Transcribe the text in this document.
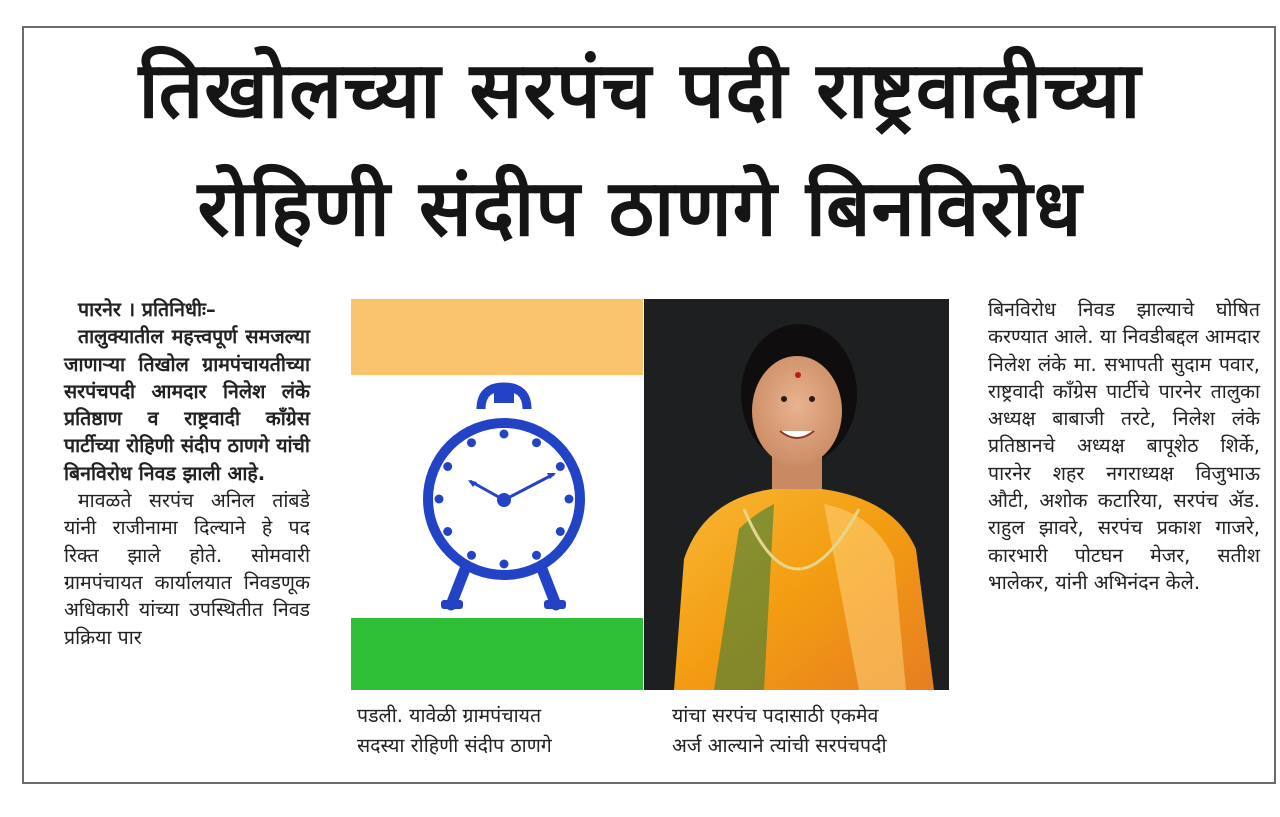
तिखोलच्या सरपंच पदी राष्ट्रवादीच्या
रोहिणी संदीप ठाणगे बिनविरोध

पारनेर । प्रतिनिधीः–

तालुक्यातील महत्त्वपूर्ण समजल्या जाणाऱ्या तिखोल ग्रामपंचायतीच्या सरपंचपदी आमदार निलेश लंके प्रतिष्ठाण व राष्ट्रवादी काँग्रेस पार्टीच्या रोहिणी संदीप ठाणगे यांची बिनविरोध निवड झाली आहे.

मावळते सरपंच अनिल तांबडे यांनी राजीनामा दिल्याने हे पद रिक्त झाले होते. सोमवारी ग्रामपंचायत कार्यालयात निवडणूक अधिकारी यांच्या उपस्थितीत निवड प्रक्रिया पार

पडली. यावेळी ग्रामपंचायत
सदस्या रोहिणी संदीप ठाणगे
यांचा सरपंच पदासाठी एकमेव
अर्ज आल्याने त्यांची सरपंचपदी

बिनविरोध निवड झाल्याचे घोषित करण्यात आले. या निवडीबद्दल आमदार निलेश लंके मा. सभापती सुदाम पवार, राष्ट्रवादी काँग्रेस पार्टीचे पारनेर तालुका अध्यक्ष बाबाजी तरटे, निलेश लंके प्रतिष्ठानचे अध्यक्ष बापूशेठ शिर्के, पारनेर शहर नगराध्यक्ष विजुभाऊ औटी, अशोक कटारिया, सरपंच ॲड. राहुल झावरे, सरपंच प्रकाश गाजरे, कारभारी पोटघन मेजर, सतीश भालेकर, यांनी अभिनंदन केले.
